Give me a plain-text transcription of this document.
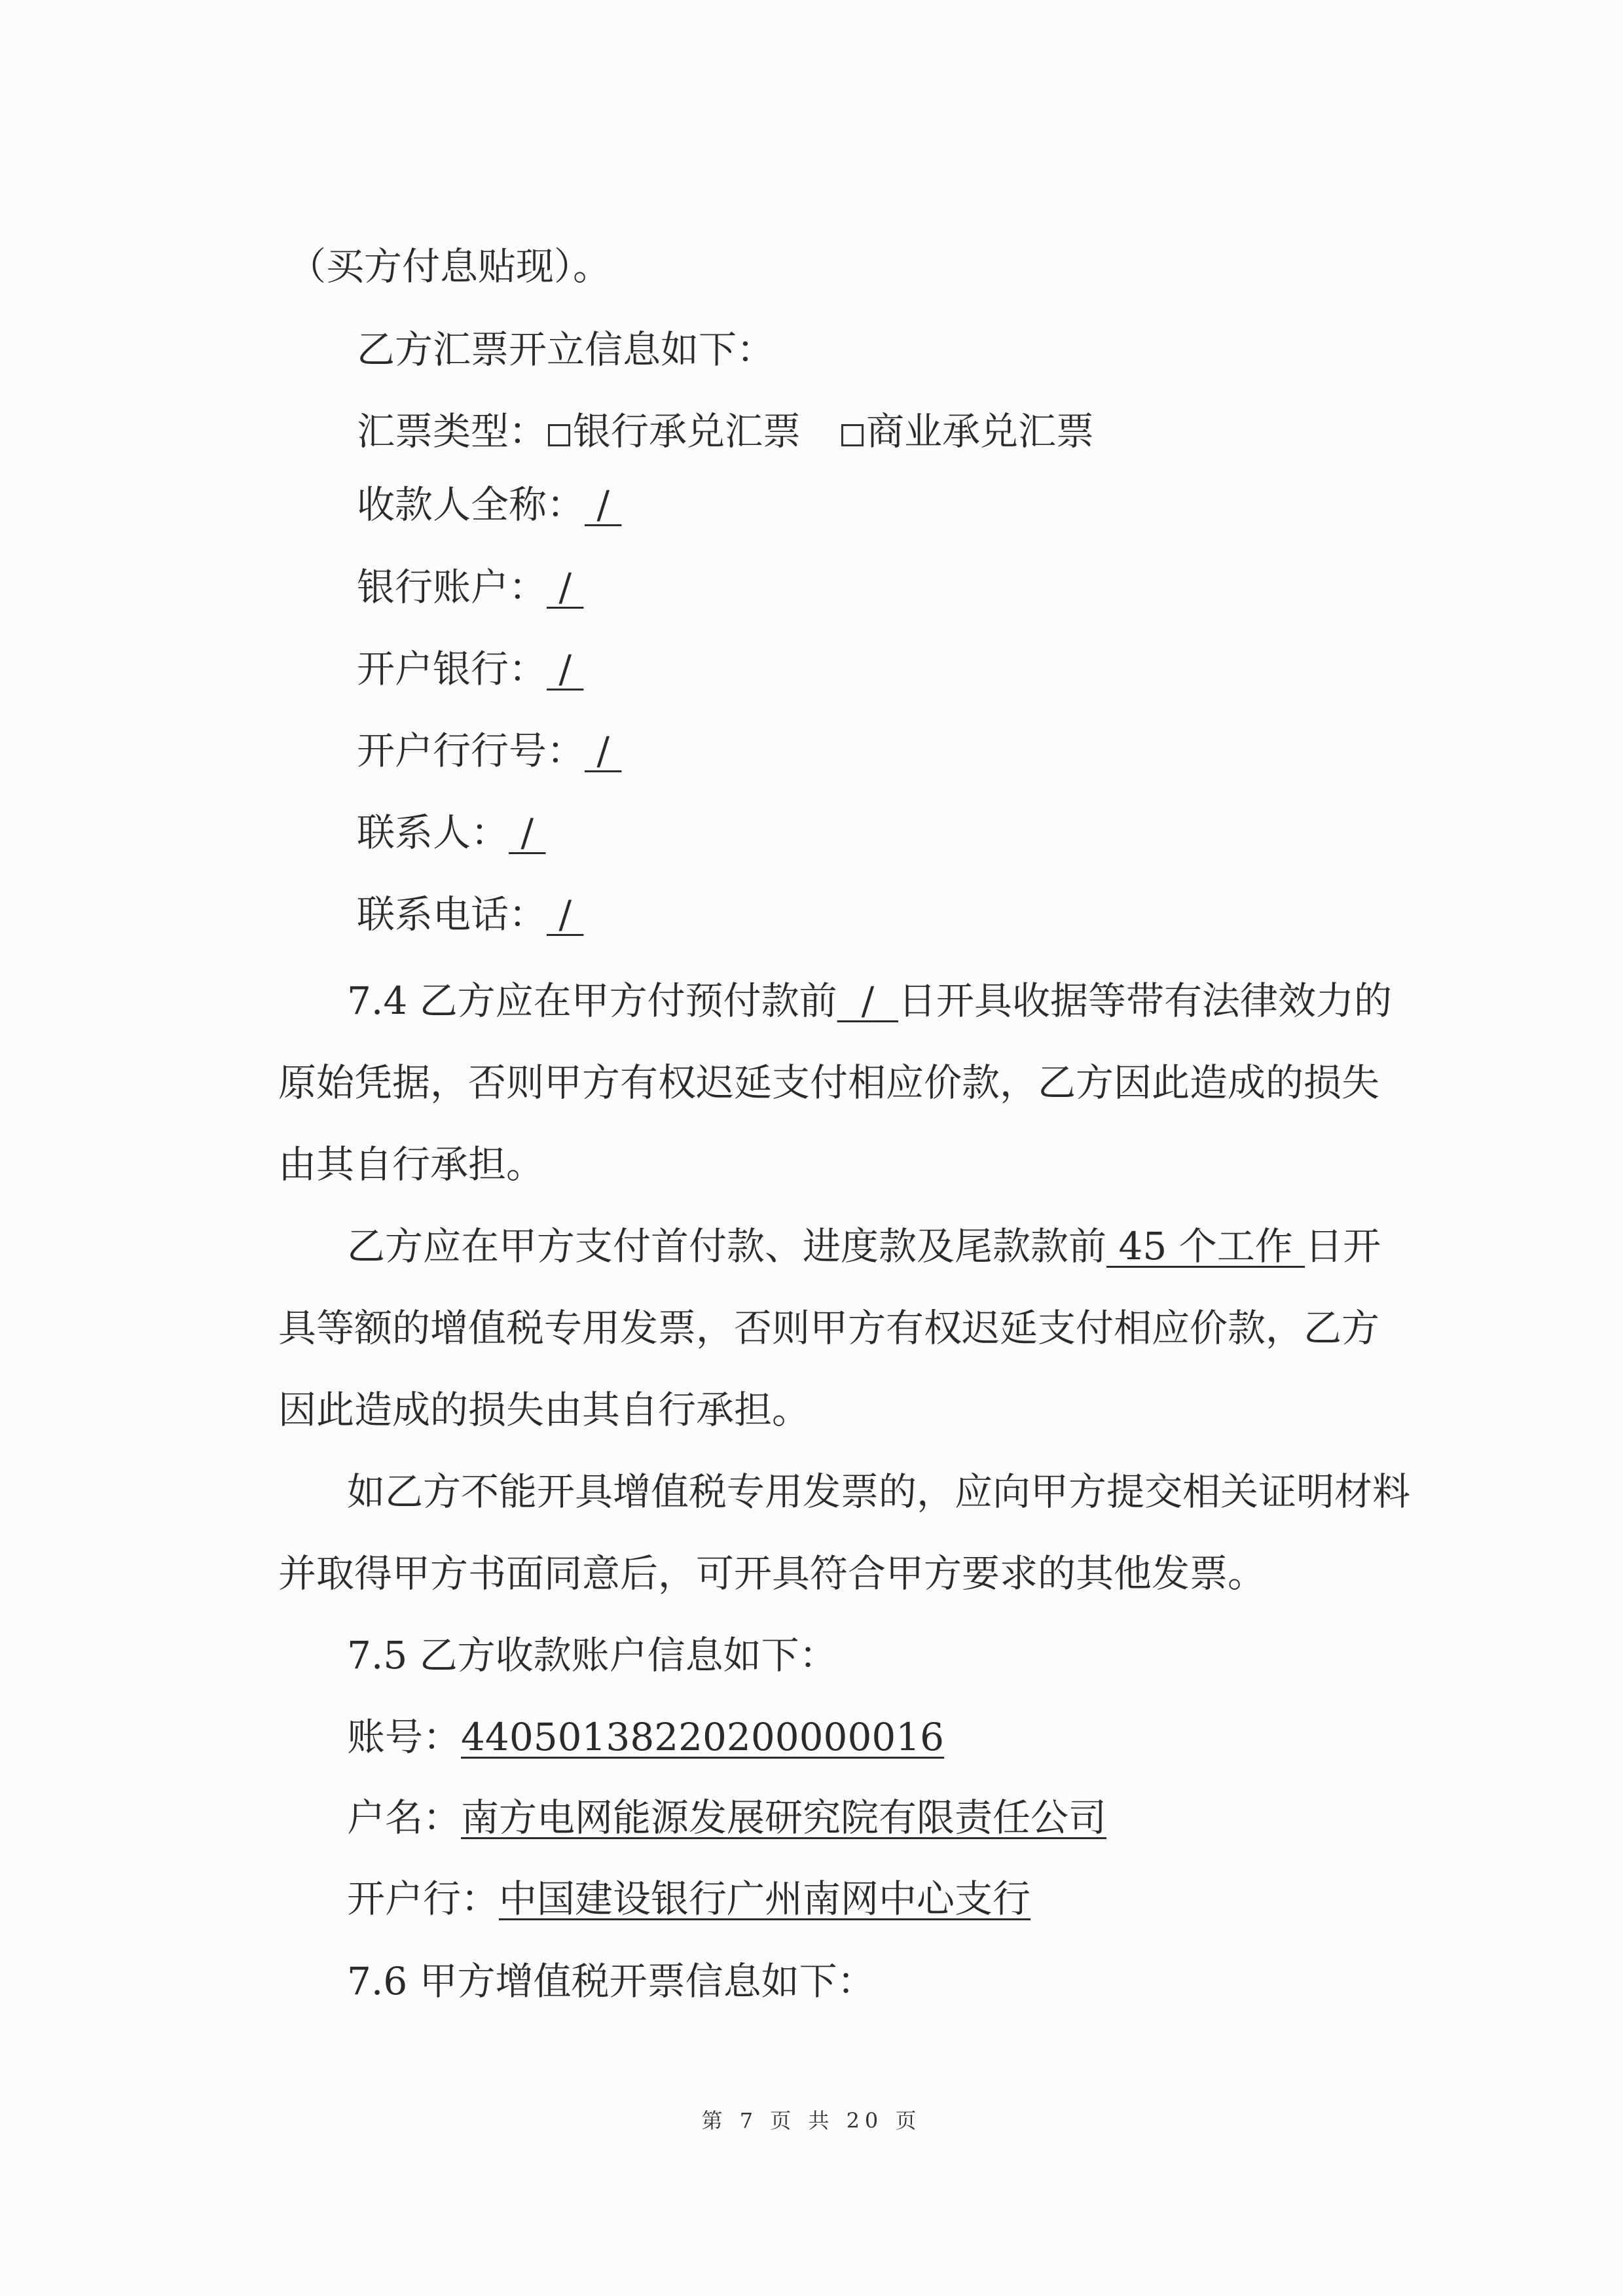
（买方付息贴现）。
乙方汇票开立信息如下：
汇票类型： 银行承兑汇票 商业承兑汇票
收款人全称： /
银行账户： /
开户银行： /
开户行行号： /
联系人： /
联系电话： /
7.4 乙方应在甲方付预付款前 / 日开具收据等带有法律效力的
原始凭据，否则甲方有权迟延支付相应价款，乙方因此造成的损失
由其自行承担。
乙方应在甲方支付首付款、进度款及尾款款前 45 个工作 日开
具等额的增值税专用发票，否则甲方有权迟延支付相应价款，乙方
因此造成的损失由其自行承担。
如乙方不能开具增值税专用发票的，应向甲方提交相关证明材料
并取得甲方书面同意后，可开具符合甲方要求的其他发票。
7.5 乙方收款账户信息如下：
账号：44050138220200000016
户名：南方电网能源发展研究院有限责任公司
开户行：中国建设银行广州南网中心支行
7.6 甲方增值税开票信息如下：
第 7 页 共 20 页
